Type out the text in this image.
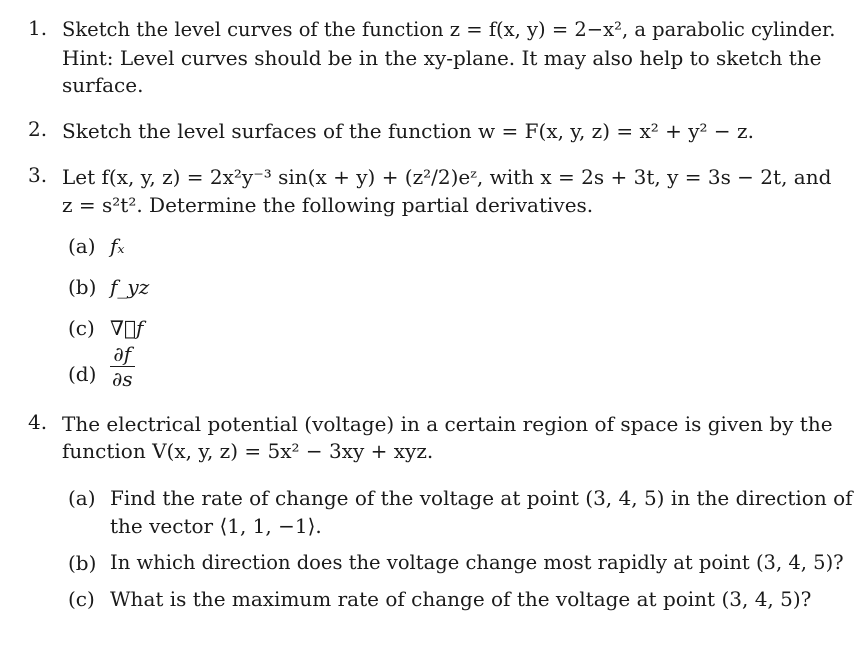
1. Sketch the level curves of the function z = f(x, y) = 2−x², a parabolic cylinder.
Hint: Level curves should be in the xy-plane. It may also help to sketch the
surface.
2. Sketch the level surfaces of the function w = F(x, y, z) = x² + y² − z.
3. Let f(x, y, z) = 2x²y⁻³ sin(x + y) + (z²/2)eᶻ, with x = 2s + 3t, y = 3s − 2t, and
z = s²t². Determine the following partial derivatives.
(a) fₓ
(b) f_yz
(c) ∇⃗f
$(d) \frac{\partial f}{\partial s}$
4. The electrical potential (voltage) in a certain region of space is given by the
function V(x, y, z) = 5x² − 3xy + xyz.
(a) Find the rate of change of the voltage at point (3, 4, 5) in the direction of
the vector ⟨1, 1, −1⟩.
(b) In which direction does the voltage change most rapidly at point (3, 4, 5)?
(c) What is the maximum rate of change of the voltage at point (3, 4, 5)?
